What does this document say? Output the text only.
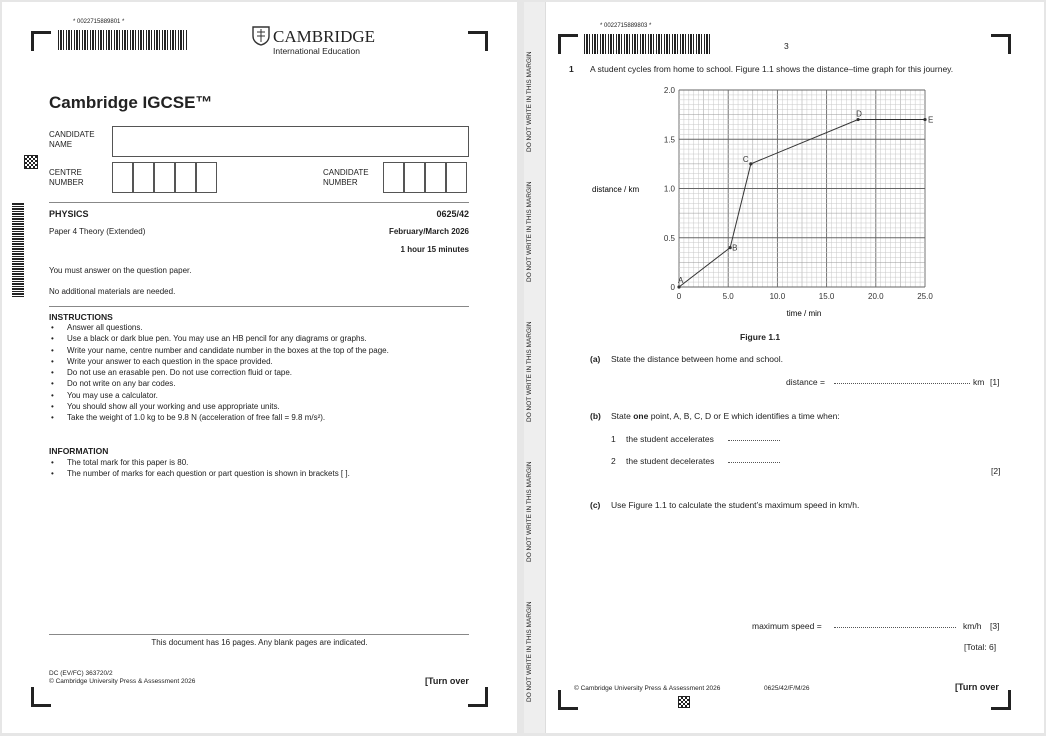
* 0022715889801 *
CAMBRIDGE
International Education
Cambridge IGCSE™
CANDIDATE NAME
CENTRE NUMBER
CANDIDATE NUMBER
PHYSICS	0625/42
Paper 4 Theory (Extended)	February/March 2026
1 hour 15 minutes
You must answer on the question paper.
No additional materials are needed.
INSTRUCTIONS
• Answer all questions.
• Use a black or dark blue pen. You may use an HB pencil for any diagrams or graphs.
• Write your name, centre number and candidate number in the boxes at the top of the page.
• Write your answer to each question in the space provided.
• Do not use an erasable pen. Do not use correction fluid or tape.
• Do not write on any bar codes.
• You may use a calculator.
• You should show all your working and use appropriate units.
• Take the weight of 1.0 kg to be 9.8 N (acceleration of free fall = 9.8 m/s²).
INFORMATION
• The total mark for this paper is 80.
• The number of marks for each question or part question is shown in brackets [ ].
This document has 16 pages. Any blank pages are indicated.
DC (EV/FC) 363720/2
© Cambridge University Press & Assessment 2026	[Turn over
DO NOT WRITE IN THIS MARGIN
DO NOT WRITE IN THIS MARGIN
DO NOT WRITE IN THIS MARGIN
DO NOT WRITE IN THIS MARGIN
DO NOT WRITE IN THIS MARGIN
* 0022715889803 *
3
1 A student cycles from home to school. Figure 1.1 shows the distance–time graph for this journey.
0	5.0	10.0	15.0	20.0	25.0
0
0.5
1.0
1.5
2.0
A
B
C
D
E
time / min
distance / km
Figure 1.1
(a) State the distance between home and school.
distance =	km [1]
(b) State one point, A, B, C, D or E which identifies a time when:
1 the student accelerates
2 the student decelerates
[2]
(c) Use Figure 1.1 to calculate the student’s maximum speed in km/h.
maximum speed =	km/h [3]
[Total: 6]
© Cambridge University Press & Assessment 2026	0625/42/F/M/26	[Turn over
